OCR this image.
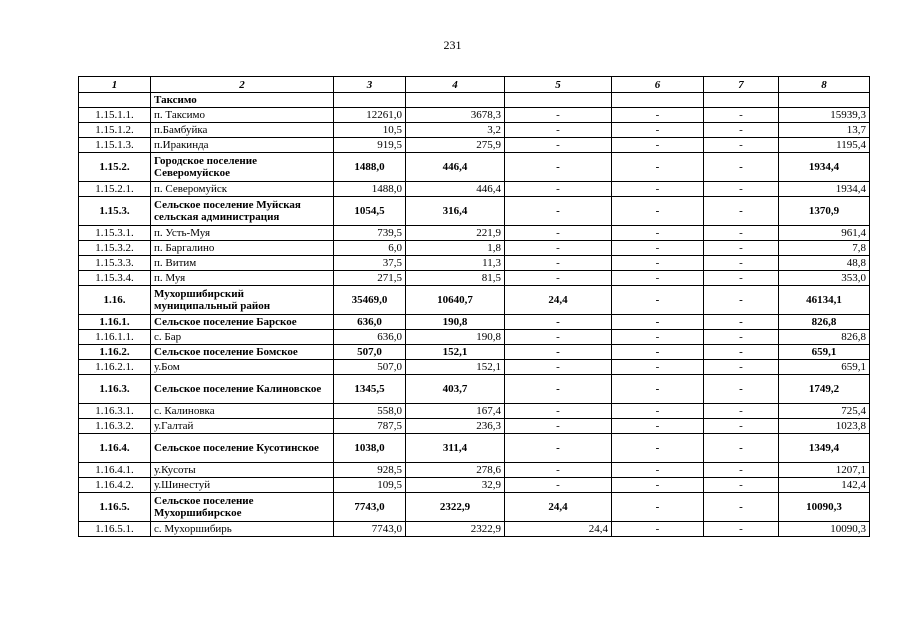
231
1	2	3	4	5	6	7	8
	Таксимо						
1.15.1.1.	п. Таксимо	12261,0	3678,3	-	-	-	15939,3
1.15.1.2.	п.Бамбуйка	10,5	3,2	-	-	-	13,7
1.15.1.3.	п.Иракинда	919,5	275,9	-	-	-	1195,4
1.15.2.	Городское поселение Северомуйское	1488,0	446,4	-	-	-	1934,4
1.15.2.1.	п. Северомуйск	1488,0	446,4	-	-	-	1934,4
1.15.3.	Сельское поселение Муйская сельская администрация	1054,5	316,4	-	-	-	1370,9
1.15.3.1.	п. Усть-Муя	739,5	221,9	-	-	-	961,4
1.15.3.2.	п. Баргалино	6,0	1,8	-	-	-	7,8
1.15.3.3.	п. Витим	37,5	11,3	-	-	-	48,8
1.15.3.4.	п. Муя	271,5	81,5	-	-	-	353,0
1.16.	Мухоршибирский муниципальный район	35469,0	10640,7	24,4	-	-	46134,1
1.16.1.	Сельское поселение Барское	636,0	190,8	-	-	-	826,8
1.16.1.1.	с. Бар	636,0	190,8	-	-	-	826,8
1.16.2.	Сельское поселение Бомское	507,0	152,1	-	-	-	659,1
1.16.2.1.	у.Бом	507,0	152,1	-	-	-	659,1
1.16.3.	Сельское поселение Калиновское	1345,5	403,7	-	-	-	1749,2
1.16.3.1.	с. Калиновка	558,0	167,4	-	-	-	725,4
1.16.3.2.	у.Галтай	787,5	236,3	-	-	-	1023,8
1.16.4.	Сельское поселение Кусотинское	1038,0	311,4	-	-	-	1349,4
1.16.4.1.	у.Кусоты	928,5	278,6	-	-	-	1207,1
1.16.4.2.	у.Шинестуй	109,5	32,9	-	-	-	142,4
1.16.5.	Сельское поселение Мухоршибирское	7743,0	2322,9	24,4	-	-	10090,3
1.16.5.1.	с. Мухоршибирь	7743,0	2322,9	24,4	-	-	10090,3
